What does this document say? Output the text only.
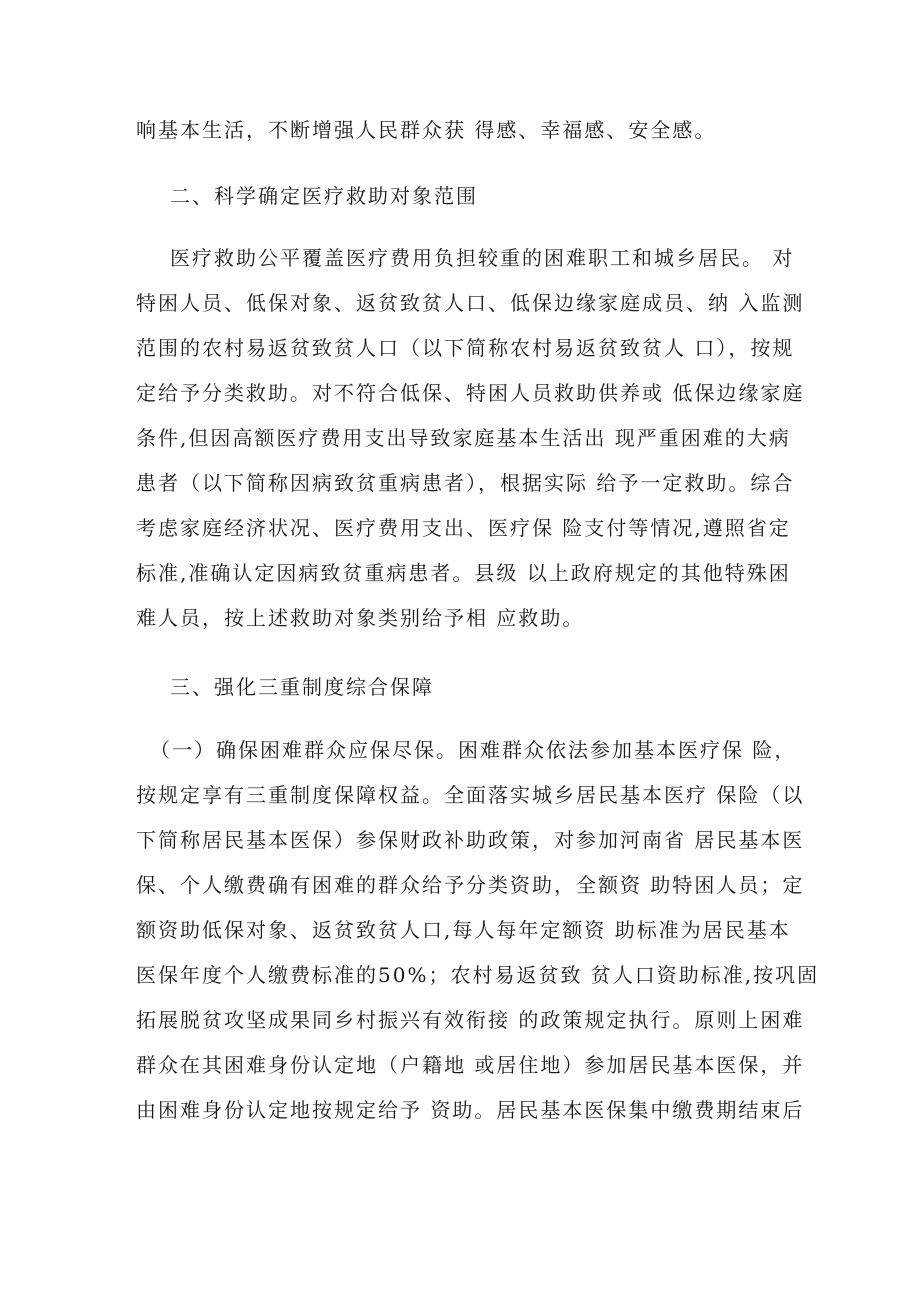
响基本生活，不断增强人民群众获 得感、幸福感、安全感。
二、科学确定医疗救助对象范围
医疗救助公平覆盖医疗费用负担较重的困难职工和城乡居民。 对
特困人员、低保对象、返贫致贫人口、低保边缘家庭成员、纳 入监测
范围的农村易返贫致贫人口（以下简称农村易返贫致贫人 口），按规
定给予分类救助。对不符合低保、特困人员救助供养或 低保边缘家庭
条件,但因高额医疗费用支出导致家庭基本生活出 现严重困难的大病
患者（以下简称因病致贫重病患者），根据实际 给予一定救助。综合
考虑家庭经济状况、医疗费用支出、医疗保 险支付等情况,遵照省定
标准,准确认定因病致贫重病患者。县级 以上政府规定的其他特殊困
难人员，按上述救助对象类别给予相 应救助。
三、强化三重制度综合保障
（一）确保困难群众应保尽保。困难群众依法参加基本医疗保 险，
按规定享有三重制度保障权益。全面落实城乡居民基本医疗 保险（以
下简称居民基本医保）参保财政补助政策，对参加河南省 居民基本医
保、个人缴费确有困难的群众给予分类资助，全额资 助特困人员；定
额资助低保对象、返贫致贫人口,每人每年定额资 助标准为居民基本
医保年度个人缴费标准的50%；农村易返贫致 贫人口资助标准,按巩固
拓展脱贫攻坚成果同乡村振兴有效衔接 的政策规定执行。原则上困难
群众在其困难身份认定地（户籍地 或居住地）参加居民基本医保，并
由困难身份认定地按规定给予 资助。居民基本医保集中缴费期结束后
